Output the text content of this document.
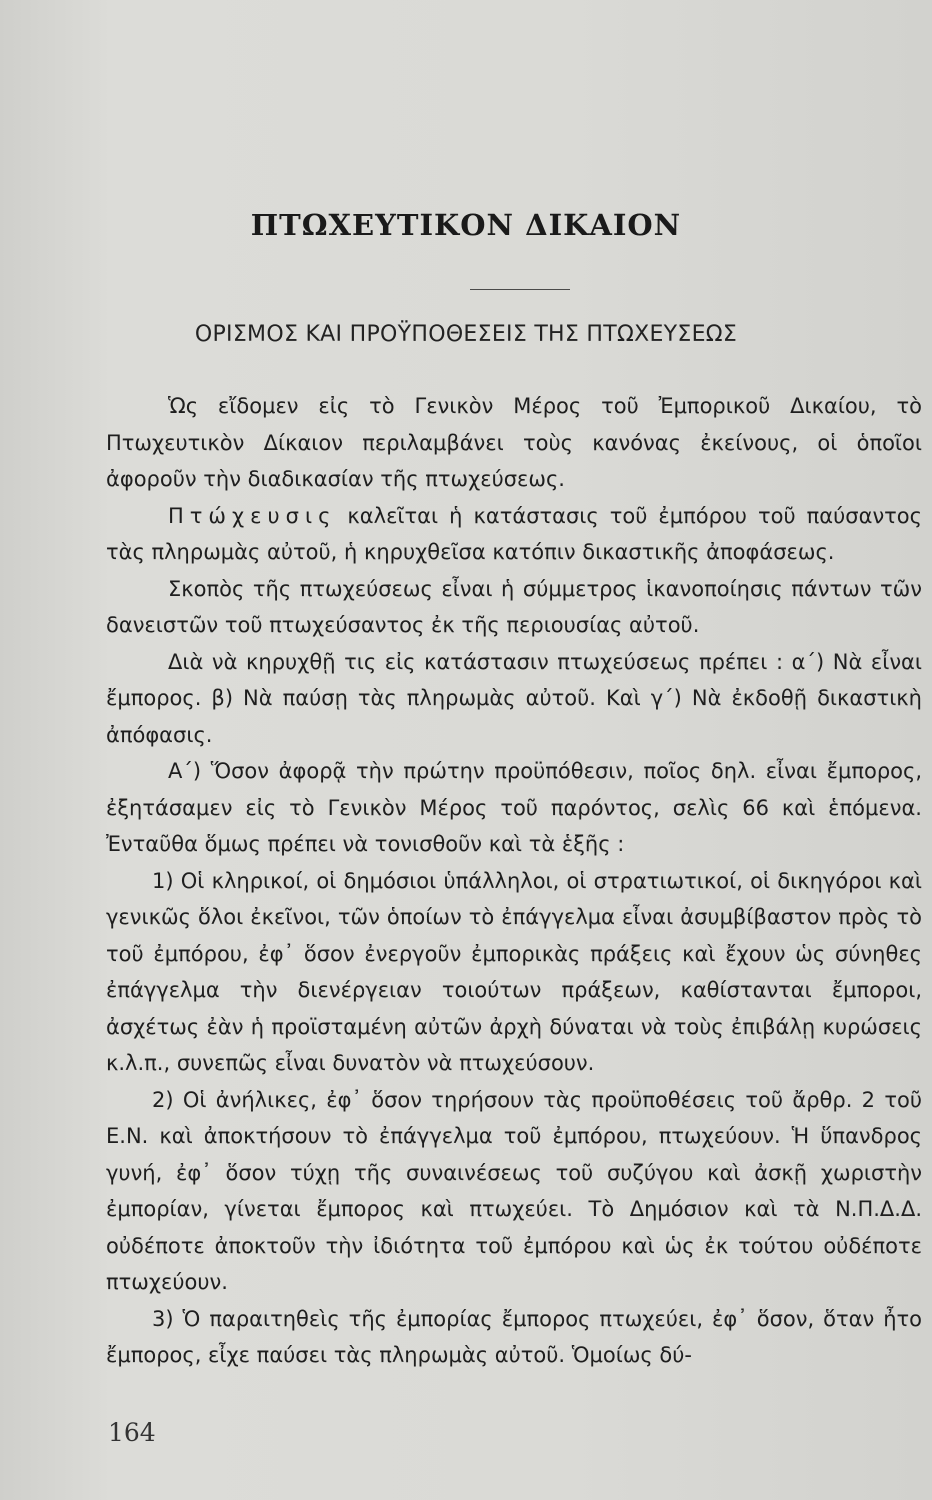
ΠΤΩΧΕΥΤΙΚΟΝ ΔΙΚΑΙΟΝ
ΟΡΙΣΜΟΣ ΚΑΙ ΠΡΟΫΠΟΘΕΣΕΙΣ ΤΗΣ ΠΤΩΧΕΥΣΕΩΣ

Ὡς εἴδομεν εἰς τὸ Γενικὸν Μέρος τοῦ Ἐμπορικοῦ Δικαίου, τὸ Πτωχευτικὸν Δίκαιον περιλαμβάνει τοὺς κανόνας ἐκείνους, οἱ ὁποῖοι ἀφοροῦν τὴν διαδικασίαν τῆς πτωχεύσεως.

Πτώχευσις καλεῖται ἡ κατάστασις τοῦ ἐμπόρου τοῦ παύσαντος τὰς πληρωμὰς αὐτοῦ, ἡ κηρυχθεῖσα κατόπιν δικαστικῆς ἀποφάσεως.

Σκοπὸς τῆς πτωχεύσεως εἶναι ἡ σύμμετρος ἱκανοποίησις πάντων τῶν δανειστῶν τοῦ πτωχεύσαντος ἐκ τῆς περιουσίας αὐτοῦ.

Διὰ νὰ κηρυχθῇ τις εἰς κατάστασιν πτωχεύσεως πρέπει : α΄) Νὰ εἶναι ἔμπορος. β) Νὰ παύσῃ τὰς πληρωμὰς αὐτοῦ. Καὶ γ΄) Νὰ ἐκδοθῇ δικαστικὴ ἀπόφασις.

Α΄) Ὅσον ἀφορᾷ τὴν πρώτην προϋπόθεσιν, ποῖος δηλ. εἶναι ἔμπορος, ἐξητάσαμεν εἰς τὸ Γενικὸν Μέρος τοῦ παρόντος, σελὶς 66 καὶ ἑπόμενα. Ἐνταῦθα ὅμως πρέπει νὰ τονισθοῦν καὶ τὰ ἑξῆς :

1) Οἱ κληρικοί, οἱ δημόσιοι ὑπάλληλοι, οἱ στρατιωτικοί, οἱ δικηγόροι καὶ γενικῶς ὅλοι ἐκεῖνοι, τῶν ὁποίων τὸ ἐπάγγελμα εἶναι ἀσυμβίβαστον πρὸς τὸ τοῦ ἐμπόρου, ἐφ᾽ ὅσον ἐνεργοῦν ἐμπορικὰς πράξεις καὶ ἔχουν ὡς σύνηθες ἐπάγγελμα τὴν διενέργειαν τοιούτων πράξεων, καθίστανται ἔμποροι, ἀσχέτως ἐὰν ἡ προϊσταμένη αὐτῶν ἀρχὴ δύναται νὰ τοὺς ἐπιβάλῃ κυρώσεις κ.λ.π., συνεπῶς εἶναι δυνατὸν νὰ πτωχεύσουν.

2) Οἱ ἀνήλικες, ἐφ᾽ ὅσον τηρήσουν τὰς προϋποθέσεις τοῦ ἄρθρ. 2 τοῦ Ε.Ν. καὶ ἀποκτήσουν τὸ ἐπάγγελμα τοῦ ἐμπόρου, πτωχεύουν. Ἡ ὕπανδρος γυνή, ἐφ᾽ ὅσον τύχῃ τῆς συναινέσεως τοῦ συζύγου καὶ ἀσκῇ χωριστὴν ἐμπορίαν, γίνεται ἔμπορος καὶ πτωχεύει. Τὸ Δημόσιον καὶ τὰ Ν.Π.Δ.Δ. οὐδέποτε ἀποκτοῦν τὴν ἰδιότητα τοῦ ἐμπόρου καὶ ὡς ἐκ τούτου οὐδέποτε πτωχεύουν.

3) Ὁ παραιτηθεὶς τῆς ἐμπορίας ἔμπορος πτωχεύει, ἐφ᾽ ὅσον, ὅταν ἦτο ἔμπορος, εἶχε παύσει τὰς πληρωμὰς αὐτοῦ. Ὁμοίως δύ-

164
